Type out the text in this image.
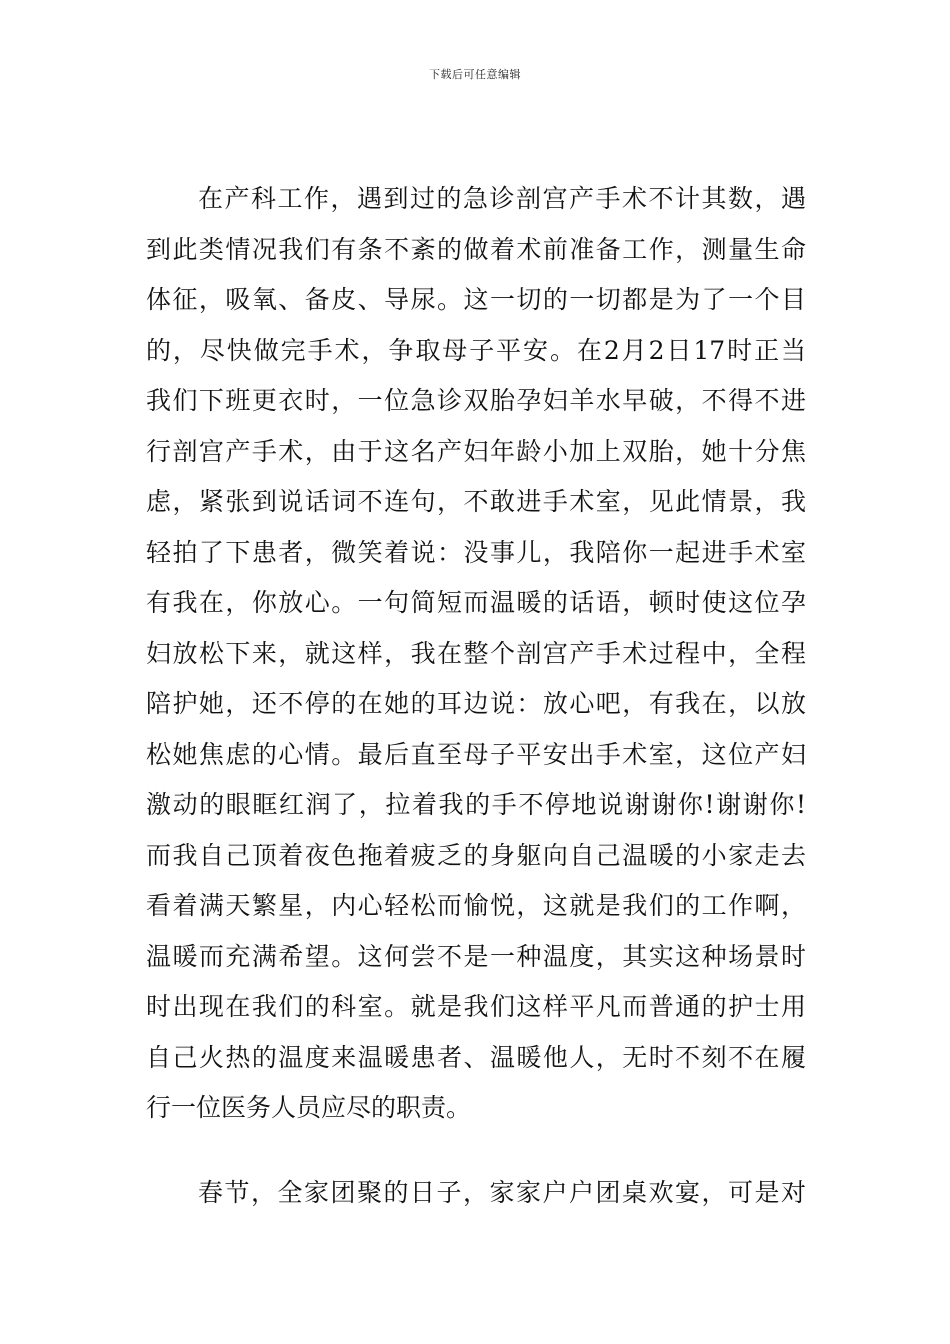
下载后可任意编辑
在产科工作，遇到过的急诊剖宫产手术不计其数，遇
到此类情况我们有条不紊的做着术前准备工作，测量生命
体征，吸氧、备皮、导尿。这一切的一切都是为了一个目
的，尽快做完手术，争取母子平安。在2月2日17时正当
我们下班更衣时，一位急诊双胎孕妇羊水早破，不得不进
行剖宫产手术，由于这名产妇年龄小加上双胎，她十分焦
虑，紧张到说话词不连句，不敢进手术室，见此情景，我
轻拍了下患者，微笑着说：没事儿，我陪你一起进手术室
有我在，你放心。一句简短而温暖的话语，顿时使这位孕
妇放松下来，就这样，我在整个剖宫产手术过程中，全程
陪护她，还不停的在她的耳边说：放心吧，有我在，以放
松她焦虑的心情。最后直至母子平安出手术室，这位产妇
激动的眼眶红润了，拉着我的手不停地说谢谢你!谢谢你!
而我自己顶着夜色拖着疲乏的身躯向自己温暖的小家走去
看着满天繁星，内心轻松而愉悦，这就是我们的工作啊，
温暖而充满希望。这何尝不是一种温度，其实这种场景时
时出现在我们的科室。就是我们这样平凡而普通的护士用
自己火热的温度来温暖患者、温暖他人，无时不刻不在履
行一位医务人员应尽的职责。
春节，全家团聚的日子，家家户户团桌欢宴，可是对
